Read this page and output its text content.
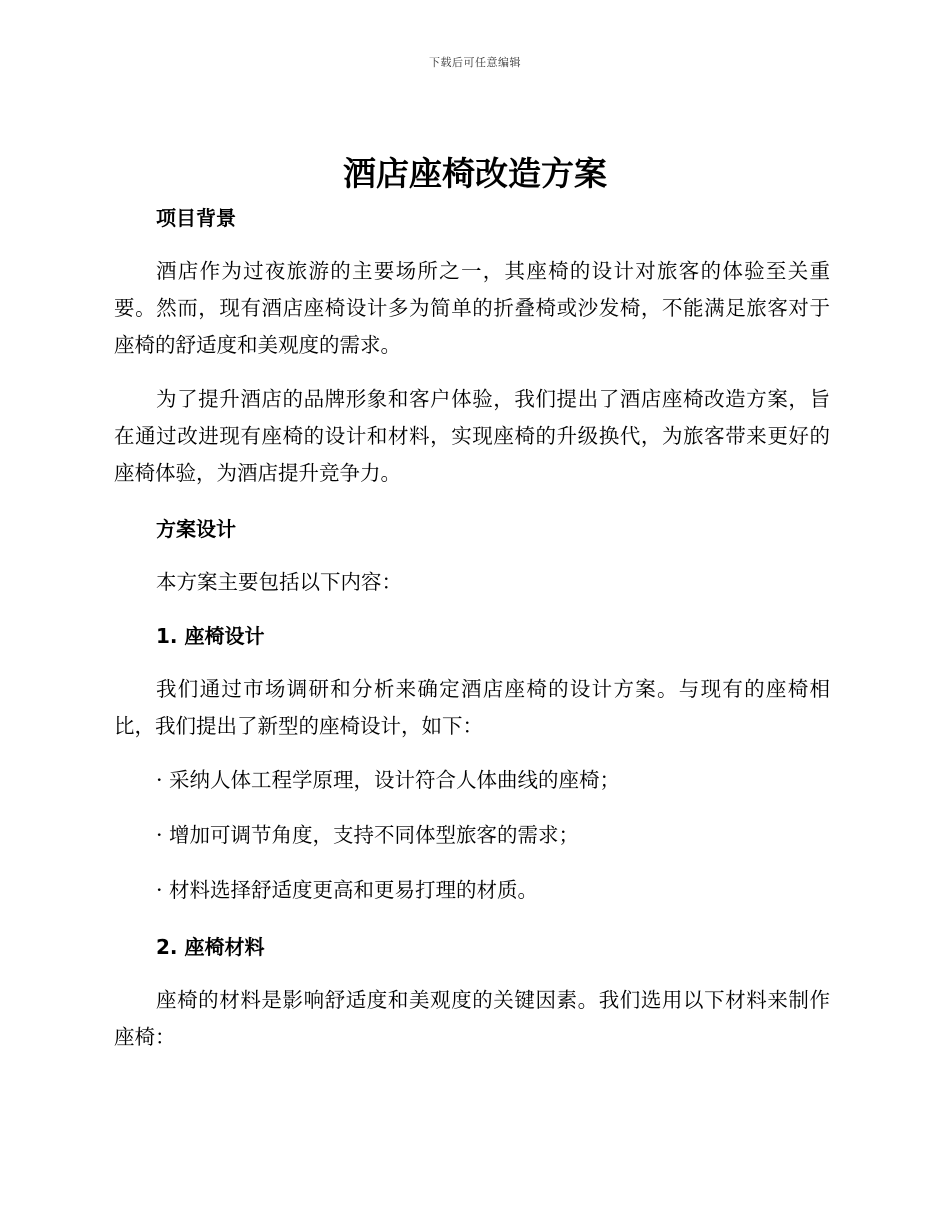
下载后可任意编辑
酒店座椅改造方案
项目背景

酒店作为过夜旅游的主要场所之一，其座椅的设计对旅客的体验至关重要。然而，现有酒店座椅设计多为简单的折叠椅或沙发椅，不能满足旅客对于座椅的舒适度和美观度的需求。

为了提升酒店的品牌形象和客户体验，我们提出了酒店座椅改造方案，旨在通过改进现有座椅的设计和材料，实现座椅的升级换代，为旅客带来更好的座椅体验，为酒店提升竞争力。

方案设计

本方案主要包括以下内容：

1. 座椅设计

我们通过市场调研和分析来确定酒店座椅的设计方案。与现有的座椅相比，我们提出了新型的座椅设计，如下：

· 采纳人体工程学原理，设计符合人体曲线的座椅；
· 增加可调节角度，支持不同体型旅客的需求；
· 材料选择舒适度更高和更易打理的材质。
2. 座椅材料

座椅的材料是影响舒适度和美观度的关键因素。我们选用以下材料来制作座椅：
